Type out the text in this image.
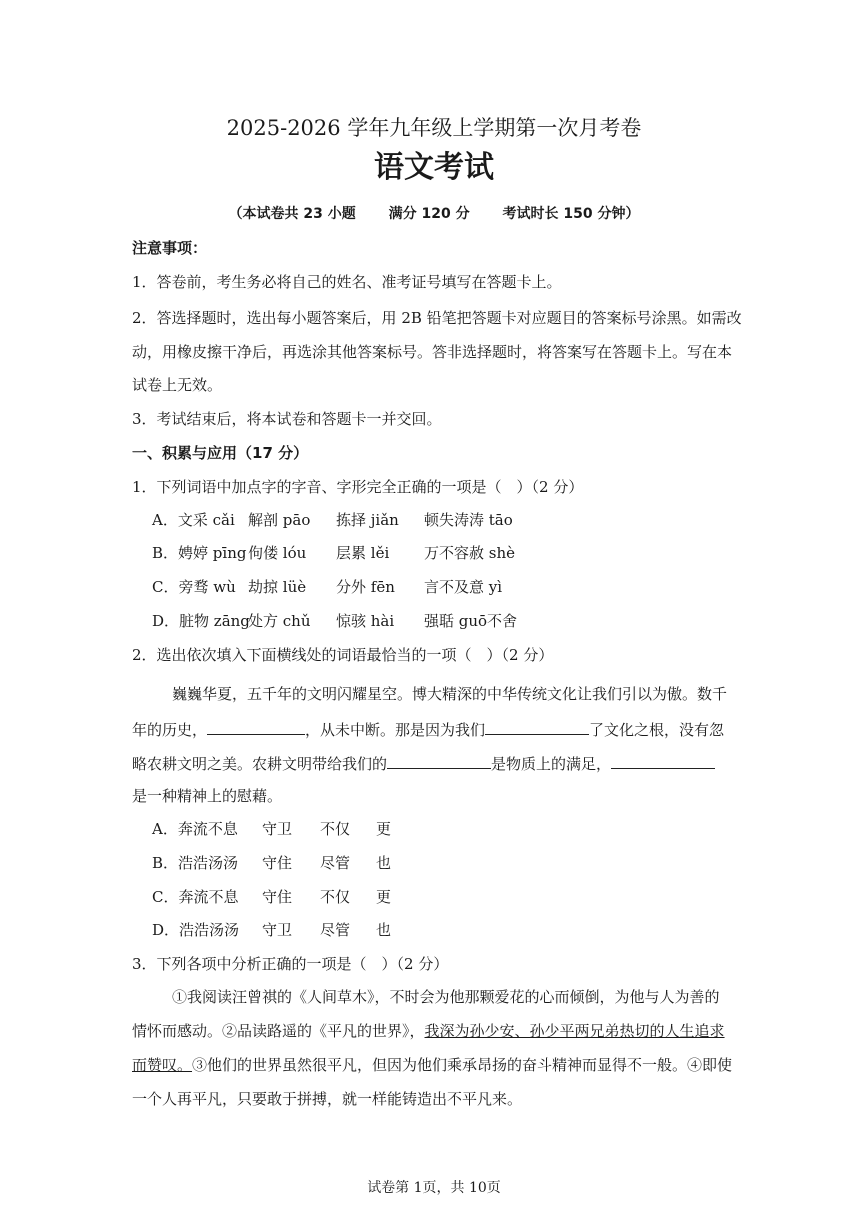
2025-2026 学年九年级上学期第一次月考卷
语文考试
（本试卷共 23 小题 满分 120 分 考试时长 150 分钟）
注意事项：
1．答卷前，考生务必将自己的姓名、准考证号填写在答题卡上。
2．答选择题时，选出每小题答案后，用 2B 铅笔把答题卡对应题目的答案标号涂黑。如需改
动，用橡皮擦干净后，再选涂其他答案标号。答非选择题时，将答案写在答题卡上。写在本
试卷上无效。
3．考试结束后，将本试卷和答题卡一并交回。
一、积累与应用（17 分）
1．下列词语中加点字的字音、字形完全正确的一项是（　）（2 分）
A．文采 cǎi 解剖 pāo 拣择 jiǎn 顿失涛涛 tāo
B．娉婷 pīng 佝偻 lóu 层累 lěi 万不容赦 shè
C．旁骛 wù 劫掠 lüè 分外 fēn 言不及意 yì
D．脏物 zāng处方 chǔ 惊骇 hài 强聒 guō不舍
2．选出依次填入下面横线处的词语最恰当的一项（　）（2 分）
巍巍华夏，五千年的文明闪耀星空。博大精深的中华传统文化让我们引以为傲。数千
年的历史，	，从未中断。那是因为我们	了文化之根，没有忽
略农耕文明之美。农耕文明带给我们的	是物质上的满足，
是一种精神上的慰藉。
A．奔流不息 守卫 不仅 更
B．浩浩汤汤 守住 尽管 也
C．奔流不息 守住 不仅 更
D．浩浩汤汤 守卫 尽管 也
3．下列各项中分析正确的一项是（　）（2 分）
①我阅读汪曾祺的《人间草木》，不时会为他那颗爱花的心而倾倒，为他与人为善的
情怀而感动。②品读路遥的《平凡的世界》，我深为孙少安、孙少平两兄弟热切的人生追求
而赞叹。③他们的世界虽然很平凡，但因为他们乘承昂扬的奋斗精神而显得不一般。④即使
一个人再平凡，只要敢于拼搏，就一样能铸造出不平凡来。
试卷第 1页，共 10页
